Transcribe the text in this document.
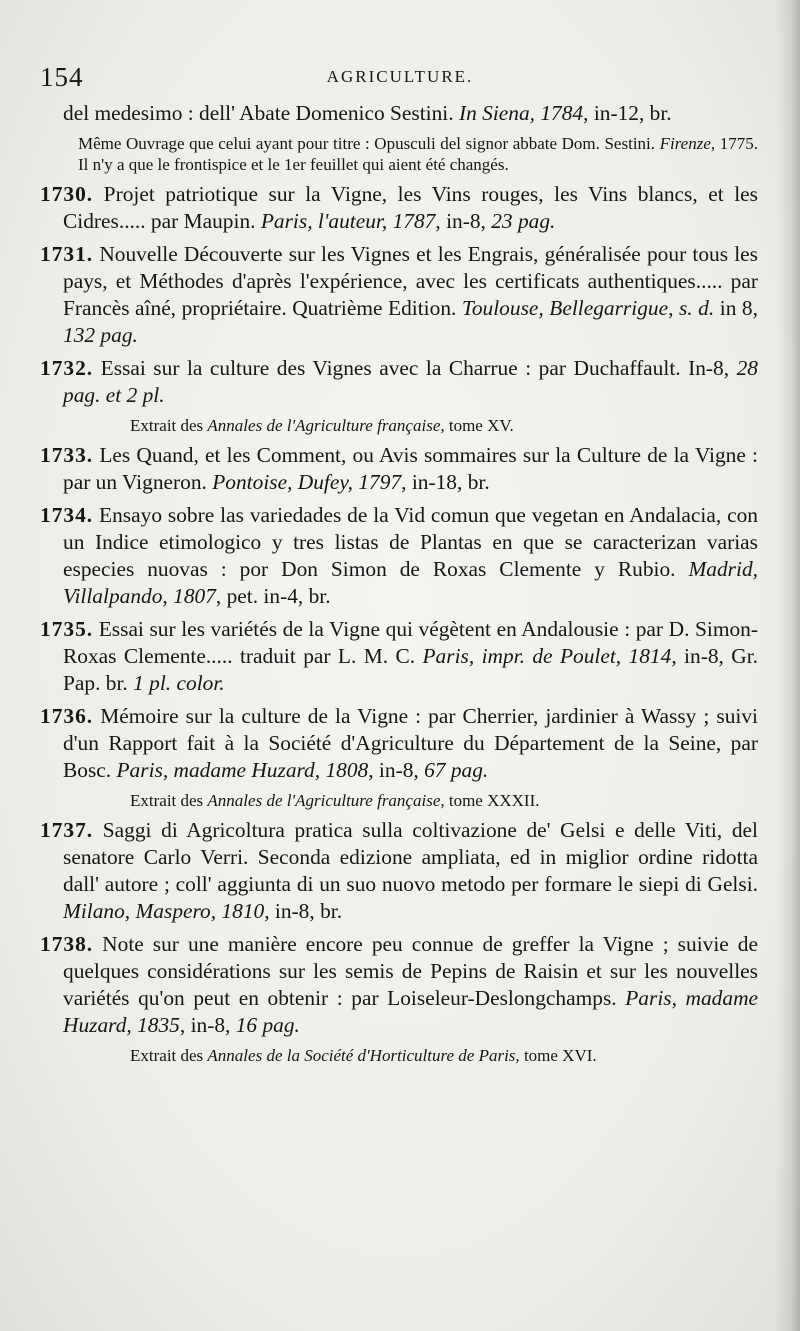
154	AGRICULTURE.

del medesimo : dell' Abate Domenico Sestini. In Siena, 1784, in-12, br.

Même Ouvrage que celui ayant pour titre : Opusculi del signor abbate Dom. Sestini. Firenze, 1775. Il n'y a que le frontispice et le 1er feuillet qui aient été changés.

1730. Projet patriotique sur la Vigne, les Vins rouges, les Vins blancs, et les Cidres..... par Maupin. Paris, l'auteur, 1787, in-8, 23 pag.

1731. Nouvelle Découverte sur les Vignes et les Engrais, généralisée pour tous les pays, et Méthodes d'après l'expérience, avec les certificats authentiques..... par Francès aîné, propriétaire. Quatrième Edition. Toulouse, Bellegarrigue, s. d. in 8, 132 pag.

1732. Essai sur la culture des Vignes avec la Charrue : par Duchaffault. In-8, 28 pag. et 2 pl.

Extrait des Annales de l'Agriculture française, tome XV.

1733. Les Quand, et les Comment, ou Avis sommaires sur la Culture de la Vigne : par un Vigneron. Pontoise, Dufey, 1797, in-18, br.

1734. Ensayo sobre las variedades de la Vid comun que vegetan en Andalacia, con un Indice etimologico y tres listas de Plantas en que se caracterizan varias especies nuovas : por Don Simon de Roxas Clemente y Rubio. Madrid, Villalpando, 1807, pet. in-4, br.

1735. Essai sur les variétés de la Vigne qui végètent en Andalousie : par D. Simon-Roxas Clemente..... traduit par L. M. C. Paris, impr. de Poulet, 1814, in-8, Gr. Pap. br. 1 pl. color.

1736. Mémoire sur la culture de la Vigne : par Cherrier, jardinier à Wassy ; suivi d'un Rapport fait à la Société d'Agriculture du Département de la Seine, par Bosc. Paris, madame Huzard, 1808, in-8, 67 pag.

Extrait des Annales de l'Agriculture française, tome XXXII.

1737. Saggi di Agricoltura pratica sulla coltivazione de' Gelsi e delle Viti, del senatore Carlo Verri. Seconda edizione ampliata, ed in miglior ordine ridotta dall' autore ; coll' aggiunta di un suo nuovo metodo per formare le siepi di Gelsi. Milano, Maspero, 1810, in-8, br.

1738. Note sur une manière encore peu connue de greffer la Vigne ; suivie de quelques considérations sur les semis de Pepins de Raisin et sur les nouvelles variétés qu'on peut en obtenir : par Loiseleur-Deslongchamps. Paris, madame Huzard, 1835, in-8, 16 pag.

Extrait des Annales de la Société d'Horticulture de Paris, tome XVI.
